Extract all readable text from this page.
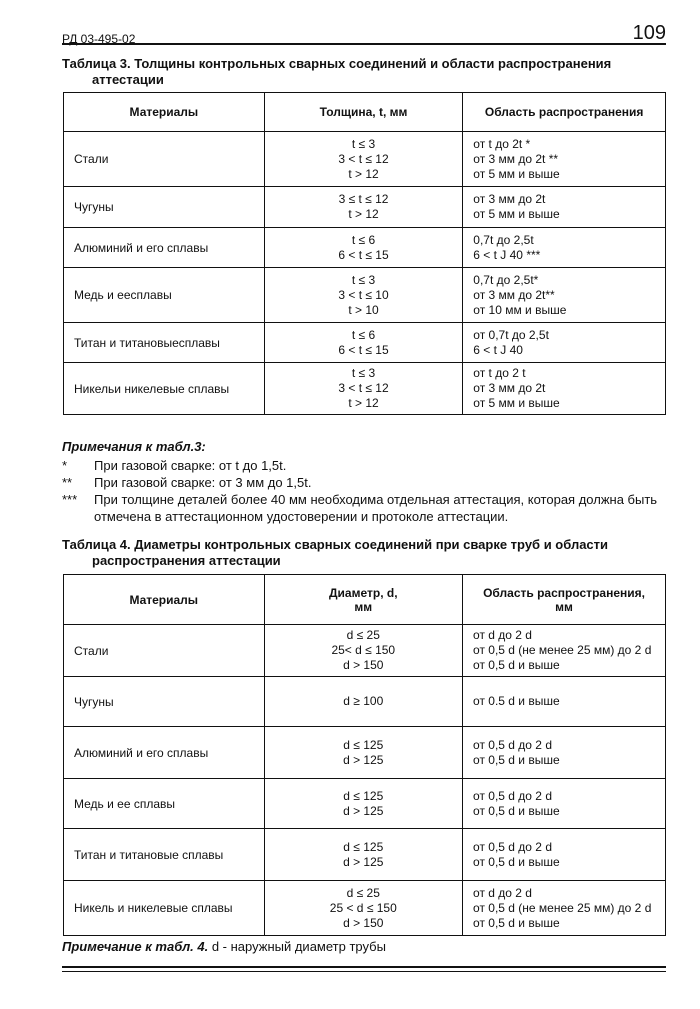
РД 03-495-02	109
Таблица 3. Толщины контрольных сварных соединений и области распространения
аттестации
Материалы	Толщина, t, мм	Область распространения
Стали	t ≤ 3
3 < t ≤ 12
t > 12	от t до 2t *
от 3 мм до 2t **
от 5 мм и выше

Чугуны	3 ≤ t ≤ 12
t > 12	от 3 мм до 2t
от 5 мм и выше

Алюминий и его сплавы	t ≤ 6
6 < t ≤ 15	0,7t до 2,5t
6 < t J 40 ***

Медь и ееcплавы	t ≤ 3
3 < t ≤ 10
t > 10	0,7t до 2,5t*
от 3 мм до 2t**
от 10 мм и выше

Титан и титановыесплавы	t ≤ 6
6 < t ≤ 15	от 0,7t до 2,5t
6 < t J 40

Никельи никелевые сплавы	t ≤ 3
3 < t ≤ 12
t > 12	от t до 2 t
от 3 мм до 2t
от 5 мм и выше
Примечания к табл.3:
* При газовой сварке: от t до 1,5t.
** При газовой сварке: от 3 мм до 1,5t.
*** При толщине деталей более 40 мм необходима отдельная аттестация, которая должна быть отмечена в аттестационном удостоверении и протоколе аттестации.
Таблица 4. Диаметры контрольных сварных соединений при сварке труб и области
распространения аттестации
Материалы	Диаметр, d,
мм	Область распространения,
мм

Стали	d ≤ 25
25< d ≤ 150
d > 150	от d до 2 d
от 0,5 d (не менее 25 мм) до 2 d
от 0,5 d и выше

Чугуны	d ≥ 100	от 0.5 d и выше

Алюминий и его сплавы	d ≤ 125
d > 125	от 0,5 d до 2 d
от 0,5 d и выше

Медь и ее сплавы	d ≤ 125
d > 125	от 0,5 d до 2 d
от 0,5 d и выше

Титан и титановые сплавы	d ≤ 125
d > 125	от 0,5 d до 2 d
от 0,5 d и выше

Никель и никелевые сплавы	d ≤ 25
25 < d ≤ 150
d > 150	от d до 2 d
от 0,5 d (не менее 25 мм) до 2 d
от 0,5 d и выше
Примечание к табл. 4. d - наружный диаметр трубы
